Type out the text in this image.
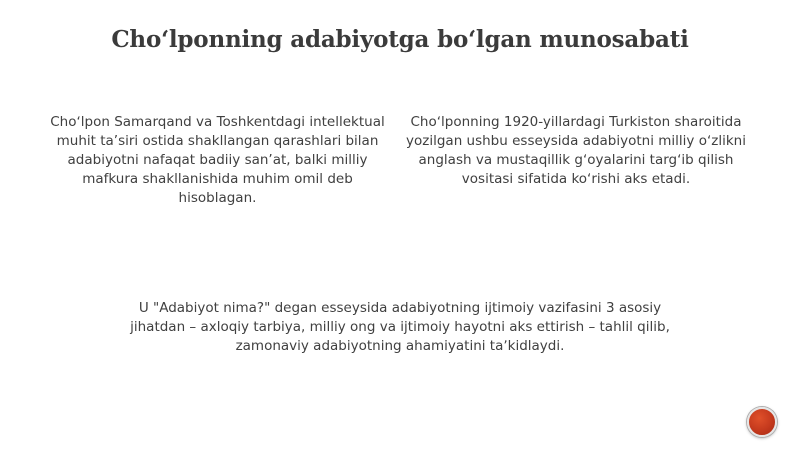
Choʻlponning adabiyotga boʻlgan munosabati
Choʻlpon Samarqand va Toshkentdagi intellektual muhit ta’siri ostida shakllangan qarashlari bilan adabiyotni nafaqat badiiy san’at, balki milliy mafkura shakllanishida muhim omil deb hisoblagan.
Choʻlponning 1920-yillardagi Turkiston sharoitida yozilgan ushbu esseysida adabiyotni milliy oʻzlikni anglash va mustaqillik gʻoyalarini targʻib qilish vositasi sifatida koʻrishi aks etadi.
U "Adabiyot nima?" degan esseysida adabiyotning ijtimoiy vazifasini 3 asosiy jihatdan – axloqiy tarbiya, milliy ong va ijtimoiy hayotni aks ettirish – tahlil qilib, zamonaviy adabiyotning ahamiyatini taʼkidlaydi.
